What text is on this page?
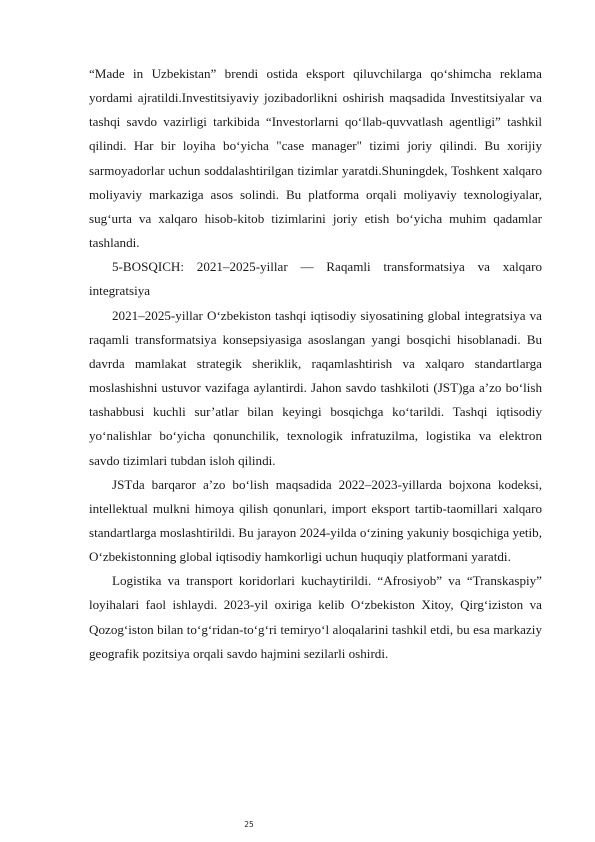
“Made in Uzbekistan” brendi ostida eksport qiluvchilarga qo‘shimcha reklama yordami ajratildi.Investitsiyaviy jozibadorlikni oshirish maqsadida Investitsiyalar va tashqi savdo vazirligi tarkibida “Investorlarni qo‘llab-quvvatlash agentligi” tashkil qilindi. Har bir loyiha bo‘yicha "case manager" tizimi joriy qilindi. Bu xorijiy sarmoyadorlar uchun soddalashtirilgan tizimlar yaratdi.Shuningdek, Toshkent xalqaro moliyaviy markaziga asos solindi. Bu platforma orqali moliyaviy texnologiyalar, sug‘urta va xalqaro hisob-kitob tizimlarini joriy etish bo‘yicha muhim qadamlar tashlandi.

5-BOSQICH: 2021–2025-yillar — Raqamli transformatsiya va xalqaro integratsiya

2021–2025-yillar O‘zbekiston tashqi iqtisodiy siyosatining global integratsiya va raqamli transformatsiya konsepsiyasiga asoslangan yangi bosqichi hisoblanadi. Bu davrda mamlakat strategik sheriklik, raqamlashtirish va xalqaro standartlarga moslashishni ustuvor vazifaga aylantirdi. Jahon savdo tashkiloti (JST)ga a’zo bo‘lish tashabbusi kuchli sur’atlar bilan keyingi bosqichga ko‘tarildi. Tashqi iqtisodiy yo‘nalishlar bo‘yicha qonunchilik, texnologik infratuzilma, logistika va elektron savdo tizimlari tubdan isloh qilindi.

JSTda barqaror a’zo bo‘lish maqsadida 2022–2023-yillarda bojxona kodeksi, intellektual mulkni himoya qilish qonunlari, import eksport tartib-taomillari xalqaro standartlarga moslashtirildi. Bu jarayon 2024-yilda o‘zining yakuniy bosqichiga yetib, O‘zbekistonning global iqtisodiy hamkorligi uchun huquqiy platformani yaratdi.

Logistika va transport koridorlari kuchaytirildi. “Afrosiyob” va “Transkaspiy” loyihalari faol ishlaydi. 2023-yil oxiriga kelib O‘zbekiston Xitoy, Qirg‘iziston va Qozog‘iston bilan to‘g‘ridan-to‘g‘ri temiryo‘l aloqalarini tashkil etdi, bu esa markaziy geografik pozitsiya orqali savdo hajmini sezilarli oshirdi.

25
